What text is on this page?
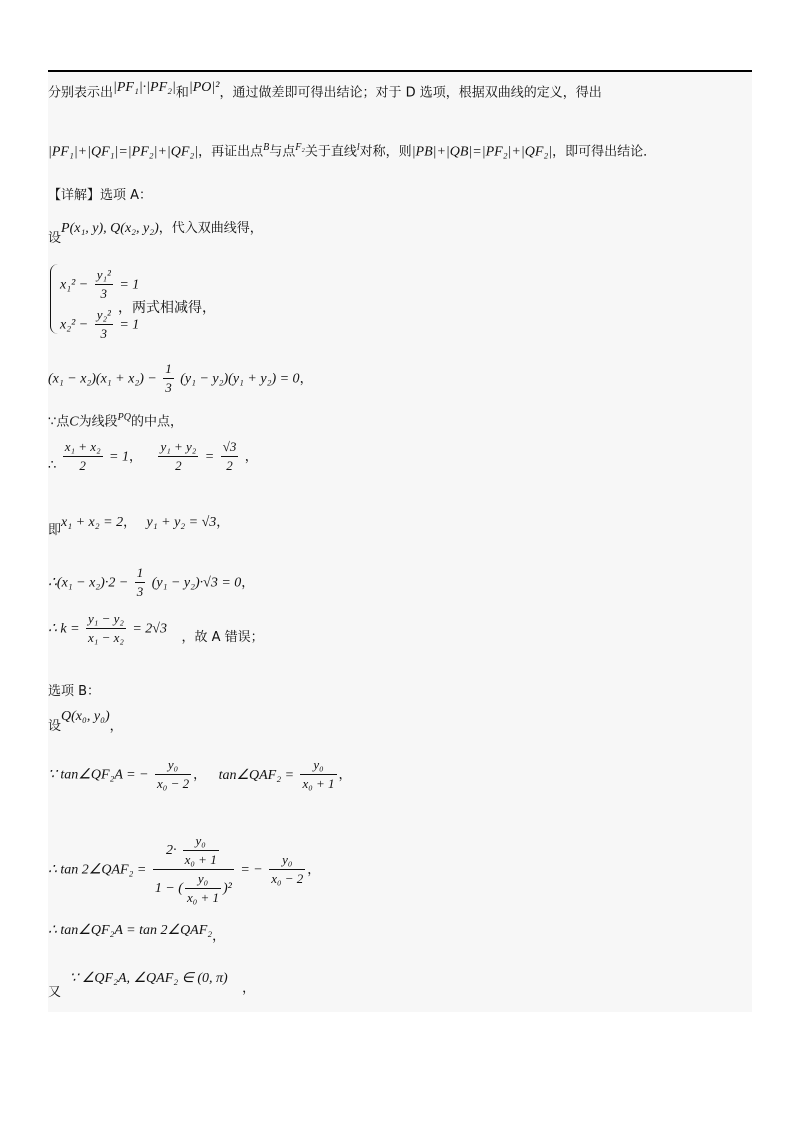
分别表示出$^{|PF_1|\cdot|PF_2|}$和$^{|PO|^2}$，通过做差即可得出结论；对于 D 选项，根据双曲线的定义，得出
|PF₁|+|QF₁|=|PF₂|+|QF₂|，再证出点$^B$与点$^{F_2}$关于直线$^l$对称，则|PB|+|QB|=|PF₂|+|QF₂|，即可得出结论．
【详解】选项 A：
设P(x₁, y), Q(x₂, y₂)，代入双曲线得，
$x_1^2 - \frac{\text{y₁²}}{3} = 1$
，两式相减得，
$x_2^2 - \frac{\text{y₂²}}{3} = 1$
$(x_1 - x_2)(x_1 + x_2) - \frac{1}{3} (y_1 - y_2)(y_1 + y_2) = 0$，
∵点C为线段$^{PQ}$的中点，
∴ $\frac{\text{x₁ + x₂}}{2} = 1$， $\frac{\text{y₁ + y₂}}{2} = \frac{√3}{2}$ ，
即x₁ + x₂ = 2， y₁ + y₂ = √3，
∴(x₁ − $x_2)\cdot 2 - \frac{1}{3} (y_1 - y_2)\cdot√3 = 0$，
∴ $k = \frac{\text{y₁ − y₂}}{\text{x₁ − x₂}} = 2√3$ ，故 A 错误；
选项 B：
设Q(x₀, y₀)，
∵ tan∠QF₂A = − $\frac{\text{y₀}}{\text{x₀ − 2}}$ ， tan∠QAF₂ = $\frac{\text{y₀}}{\text{x₀ + 1}}$ ，
∴ tan 2∠QAF₂ = $\frac{2\cdot \frac{\text{y₀}}{\text{x₀ + 1}}}{1 - ( \frac{\text{y₀}}{\text{x₀ + 1}} )^2}$ = − $\frac{\text{y₀}}{\text{x₀ − 2}}$ ，
∴ tan∠QF₂A = tan 2∠QAF₂，
又 ∵ ∠QF₂A, ∠QAF₂ ∈ (0, π) ，
